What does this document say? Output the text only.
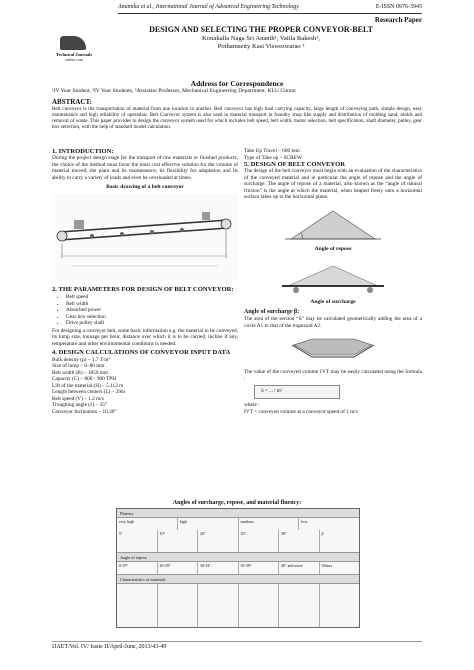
Anamika et al., International Journal of Advanced Engineering Technology	E-ISSN 0976-3945
Technical Journals
online.com
Research Paper
DESIGN AND SELECTING THE PROPER CONVEYOR-BELT
Konakalla Naga Sri Ananth¹, Vaitla Rakesh²,
Pothamsetty Kasi Visweswarao ³
Address for Correspondence
¹IV Year Student, ²IV Year Students, ³Assistant Professor, Mechanical Engineering Department, KLU Guntur
ABSTRACT:
Belt conveyor is the transportation of material from one location to another. Belt conveyor has high load carrying capacity, large length of conveying path, simple design, easy maintenance and high reliability of operation. Belt Conveyor system is also used in material transport in foundry shop like supply and distribution of molding sand, molds and removal of waste. This paper provides to design the conveyor system used for which includes belt speed, belt width, motor selection, belt specification, shaft diameter, pulley, gear box selection, with the help of standard model calculation.
1. INTRODUCTION:
During the project design stage for the transport of raw materials or finished products, the choice of the method must favor the most cost effective solution for the volume of material moved; the plant and its maintenance; its flexibility for adaptation and its ability to carry a variety of loads and even be overloaded at times.
Basic drawing of a belt conveyor
2. THE PARAMETERS FOR DESIGN OF BELT CONVEYOR:
• Belt speed
• Belt width
• Absorbed power
• Gear box selection
• Drive pulley shaft
For designing a conveyor belt, some basic information e.g. the material to be conveyed, its lump size, tonnage per hour, distance over which it is to be carried, incline if any, temperature and other environmental conditions is needed.
4. DESIGN CALCULATIONS OF CONVEYOR INPUT DATA

Bulk density (ρ) – 1.7 T/m³

Size of lump – 0–80 mm

Belt width (B) – 1850 mm

Capacity (C) – 800 - 900 TPH

Lift of the material (H) – 5.112 m

Length between centers (L) – 29m

Belt speed (V) – 1.2 m/s

Troughing angle (λ) – 35°

Conveyor Inclination – 10.36°

Take Up Travel – 600 mm
Type of Take up – SCREW
5. DESIGN OF BELT CONVEYOR
The design of the belt conveyor must begin with an evaluation of the characteristics of the conveyed material and in particular the angle of repose and the angle of surcharge. The angle of repose of a material, also known as the “angle of natural friction” is the angle at which the material, when heaped freely onto a horizontal surface takes up to the horizontal plane.
Angle of repose
Angle of surcharge
Angle of surcharge β:
The area of the section “S” may be calculated geometrically adding the area of a circle A1 to that of the trapezoid A2.
The value of the conveyed volume 1VT may be easily calculated using the formula :
S = ... / m²
where :
IVT = conveyed volume at a conveyor speed of 1 m/s
Angles of surcharge, repose, and material fluency:
Fluency
very high	high	medium	low
5°	10°	20°	25°	30°	β
Angle of repose
0-19°	20-29°	30-34°	35-39°	40° and more	Others
Characteristics of materials
IJAET/Vol. IV/ Issue II/April-June, 2013/43-49
